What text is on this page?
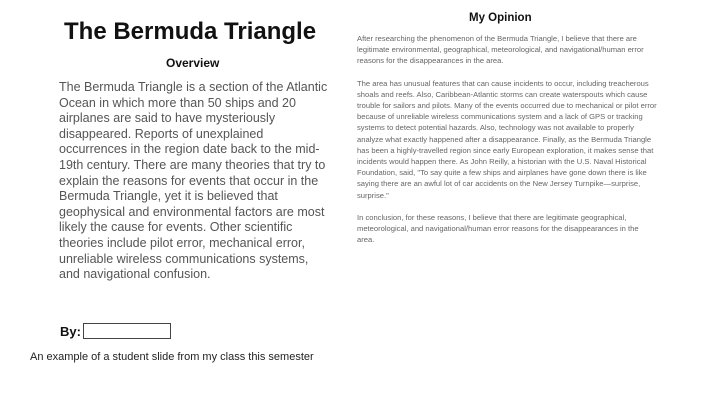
The Bermuda Triangle
Overview

The Bermuda Triangle is a section of the Atlantic Ocean in which more than 50 ships and 20 airplanes are said to have mysteriously disappeared. Reports of unexplained occurrences in the region date back to the mid-19th century. There are many theories that try to explain the reasons for events that occur in the Bermuda Triangle, yet it is believed that geophysical and environmental factors are most likely the cause for events. Other scientific theories include pilot error, mechanical error, unreliable wireless communications systems, and navigational confusion.

By:

An example of a student slide from my class this semester

My Opinion

After researching the phenomenon of the Bermuda Triangle, I believe that there are legitimate environmental, geographical, meteorological, and navigational/human error reasons for the disappearances in the area.

The area has unusual features that can cause incidents to occur, including treacherous shoals and reefs. Also, Caribbean-Atlantic storms can create waterspouts which cause trouble for sailors and pilots. Many of the events occurred due to mechanical or pilot error because of unreliable wireless communications system and a lack of GPS or tracking systems to detect potential hazards. Also, technology was not available to properly analyze what exactly happened after a disappearance. Finally, as the Bermuda Triangle has been a highly-travelled region since early European exploration, it makes sense that incidents would happen there. As John Reilly, a historian with the U.S. Naval Historical Foundation, said, "To say quite a few ships and airplanes have gone down there is like saying there are an awful lot of car accidents on the New Jersey Turnpike—surprise, surprise."

In conclusion, for these reasons, I believe that there are legitimate geographical, meteorological, and navigational/human error reasons for the disappearances in the area.
